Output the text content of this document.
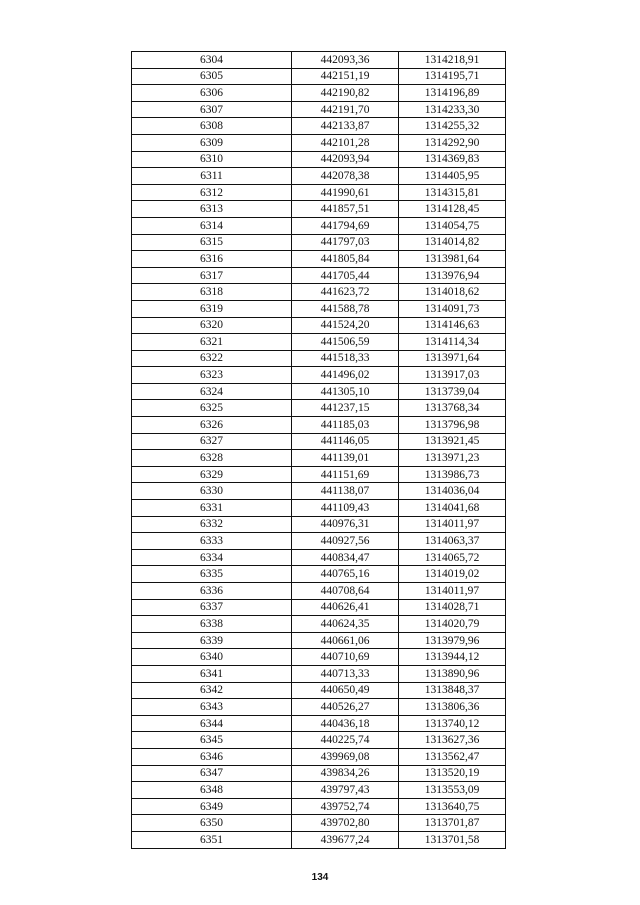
6304	442093,36	1314218,91
6305	442151,19	1314195,71
6306	442190,82	1314196,89
6307	442191,70	1314233,30
6308	442133,87	1314255,32
6309	442101,28	1314292,90
6310	442093,94	1314369,83
6311	442078,38	1314405,95
6312	441990,61	1314315,81
6313	441857,51	1314128,45
6314	441794,69	1314054,75
6315	441797,03	1314014,82
6316	441805,84	1313981,64
6317	441705,44	1313976,94
6318	441623,72	1314018,62
6319	441588,78	1314091,73
6320	441524,20	1314146,63
6321	441506,59	1314114,34
6322	441518,33	1313971,64
6323	441496,02	1313917,03
6324	441305,10	1313739,04
6325	441237,15	1313768,34
6326	441185,03	1313796,98
6327	441146,05	1313921,45
6328	441139,01	1313971,23
6329	441151,69	1313986,73
6330	441138,07	1314036,04
6331	441109,43	1314041,68
6332	440976,31	1314011,97
6333	440927,56	1314063,37
6334	440834,47	1314065,72
6335	440765,16	1314019,02
6336	440708,64	1314011,97
6337	440626,41	1314028,71
6338	440624,35	1314020,79
6339	440661,06	1313979,96
6340	440710,69	1313944,12
6341	440713,33	1313890,96
6342	440650,49	1313848,37
6343	440526,27	1313806,36
6344	440436,18	1313740,12
6345	440225,74	1313627,36
6346	439969,08	1313562,47
6347	439834,26	1313520,19
6348	439797,43	1313553,09
6349	439752,74	1313640,75
6350	439702,80	1313701,87
6351	439677,24	1313701,58
134
